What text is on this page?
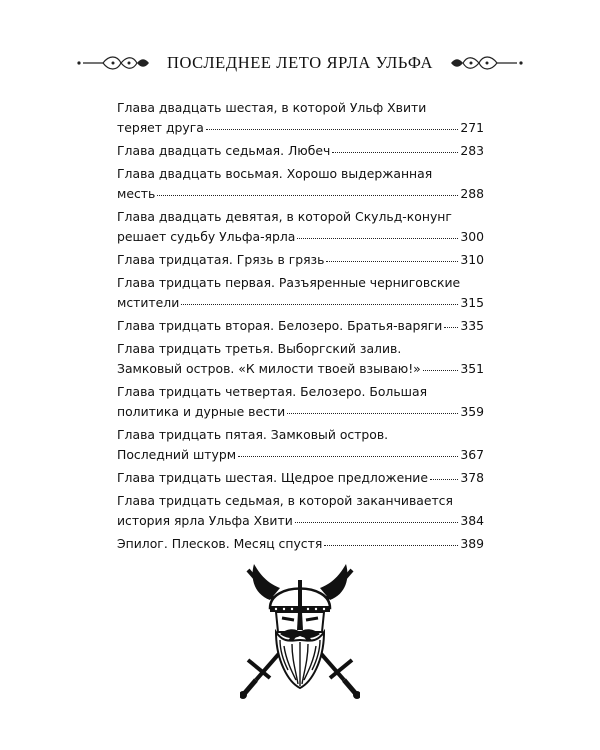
ПОСЛЕДНЕЕ ЛЕТО ЯРЛА УЛЬФА
Глава двадцать шестая, в которой Ульф Хвити
теряет друга	271
Глава двадцать седьмая. Любеч	283
Глава двадцать восьмая. Хорошо выдержанная
месть	288
Глава двадцать девятая, в которой Скульд-конунг
решает судьбу Ульфа-ярла	300
Глава тридцатая. Грязь в грязь	310
Глава тридцать первая. Разъяренные черниговские
мстители	315
Глава тридцать вторая. Белозеро. Братья-варяги 335
Глава тридцать третья. Выборгский залив.
Замковый остров. «К милости твоей взываю!»	351
Глава тридцать четвертая. Белозеро. Большая
политика и дурные вести	359
Глава тридцать пятая. Замковый остров.
Последний штурм	367
Глава тридцать шестая. Щедрое предложение	378
Глава тридцать седьмая, в которой заканчивается
история ярла Ульфа Хвити	384
Эпилог. Плесков. Месяц спустя	389
